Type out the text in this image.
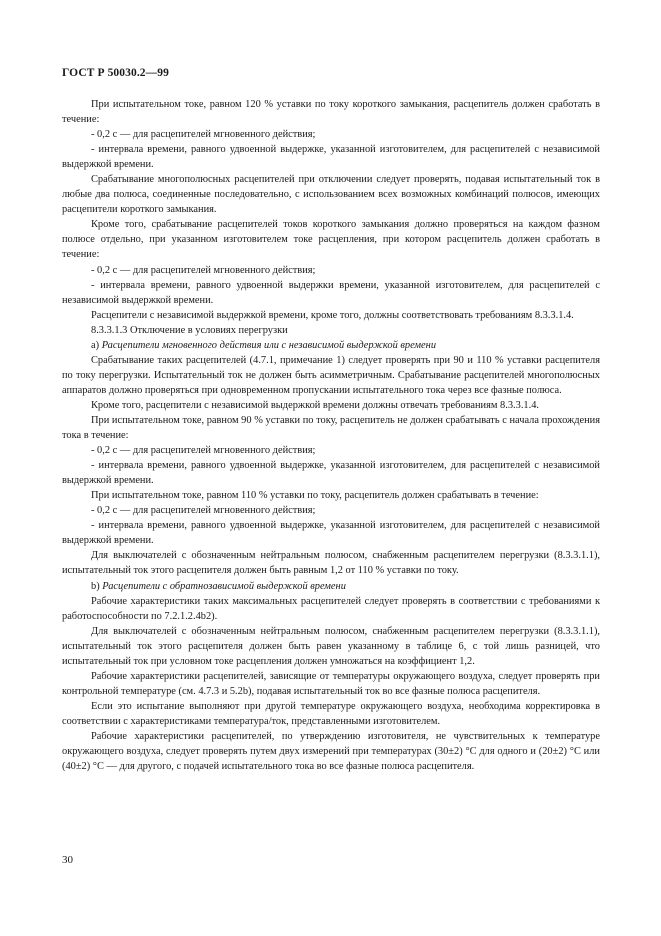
ГОСТ Р 50030.2—99

При испытательном токе, равном 120 % уставки по току короткого замыкания, расцепитель должен сработать в течение:

- 0,2 с — для расцепителей мгновенного действия;

- интервала времени, равного удвоенной выдержке, указанной изготовителем, для расцепителей с независимой выдержкой времени.

Срабатывание многополюсных расцепителей при отключении следует проверять, подавая испытательный ток в любые два полюса, соединенные последовательно, с использованием всех возможных комбинаций полюсов, имеющих расцепители короткого замыкания.

Кроме того, срабатывание расцепителей токов короткого замыкания должно проверяться на каждом фазном полюсе отдельно, при указанном изготовителем токе расцепления, при котором расцепитель должен сработать в течение:

- 0,2 с — для расцепителей мгновенного действия;

- интервала времени, равного удвоенной выдержки времени, указанной изготовителем, для расцепителей с независимой выдержкой времени.

Расцепители с независимой выдержкой времени, кроме того, должны соответствовать требованиям 8.3.3.1.4.

8.3.3.1.3 Отключение в условиях перегрузки

a) Расцепители мгновенного действия или с независимой выдержкой времени

Срабатывание таких расцепителей (4.7.1, примечание 1) следует проверять при 90 и 110 % уставки расцепителя по току перегрузки. Испытательный ток не должен быть асимметричным. Срабатывание расцепителей многополюсных аппаратов должно проверяться при одновременном пропускании испытательного тока через все фазные полюса.

Кроме того, расцепители с независимой выдержкой времени должны отвечать требованиям 8.3.3.1.4.

При испытательном токе, равном 90 % уставки по току, расцепитель не должен срабатывать с начала прохождения тока в течение:

- 0,2 с — для расцепителей мгновенного действия;

- интервала времени, равного удвоенной выдержке, указанной изготовителем, для расцепителей с независимой выдержкой времени.

При испытательном токе, равном 110 % уставки по току, расцепитель должен срабатывать в течение:

- 0,2 с — для расцепителей мгновенного действия;

- интервала времени, равного удвоенной выдержке, указанной изготовителем, для расцепителей с независимой выдержкой времени.

Для выключателей с обозначенным нейтральным полюсом, снабженным расцепителем перегрузки (8.3.3.1.1), испытательный ток этого расцепителя должен быть равным 1,2 от 110 % уставки по току.

b) Расцепители с обратнозависимой выдержкой времени

Рабочие характеристики таких максимальных расцепителей следует проверять в соответствии с требованиями к работоспособности по 7.2.1.2.4b2).

Для выключателей с обозначенным нейтральным полюсом, снабженным расцепителем перегрузки (8.3.3.1.1), испытательный ток этого расцепителя должен быть равен указанному в таблице 6, с той лишь разницей, что испытательный ток при условном токе расцепления должен умножаться на коэффициент 1,2.

Рабочие характеристики расцепителей, зависящие от температуры окружающего воздуха, следует проверять при контрольной температуре (см. 4.7.3 и 5.2b), подавая испытательный ток во все фазные полюса расцепителя.

Если это испытание выполняют при другой температуре окружающего воздуха, необходима корректировка в соответствии с характеристиками температура/ток, представленными изготовителем.

Рабочие характеристики расцепителей, по утверждению изготовителя, не чувствительных к температуре окружающего воздуха, следует проверять путем двух измерений при температурах (30±2) °С для одного и (20±2) °С или (40±2) °С — для другого, с подачей испытательного тока во все фазные полюса расцепителя.

30
